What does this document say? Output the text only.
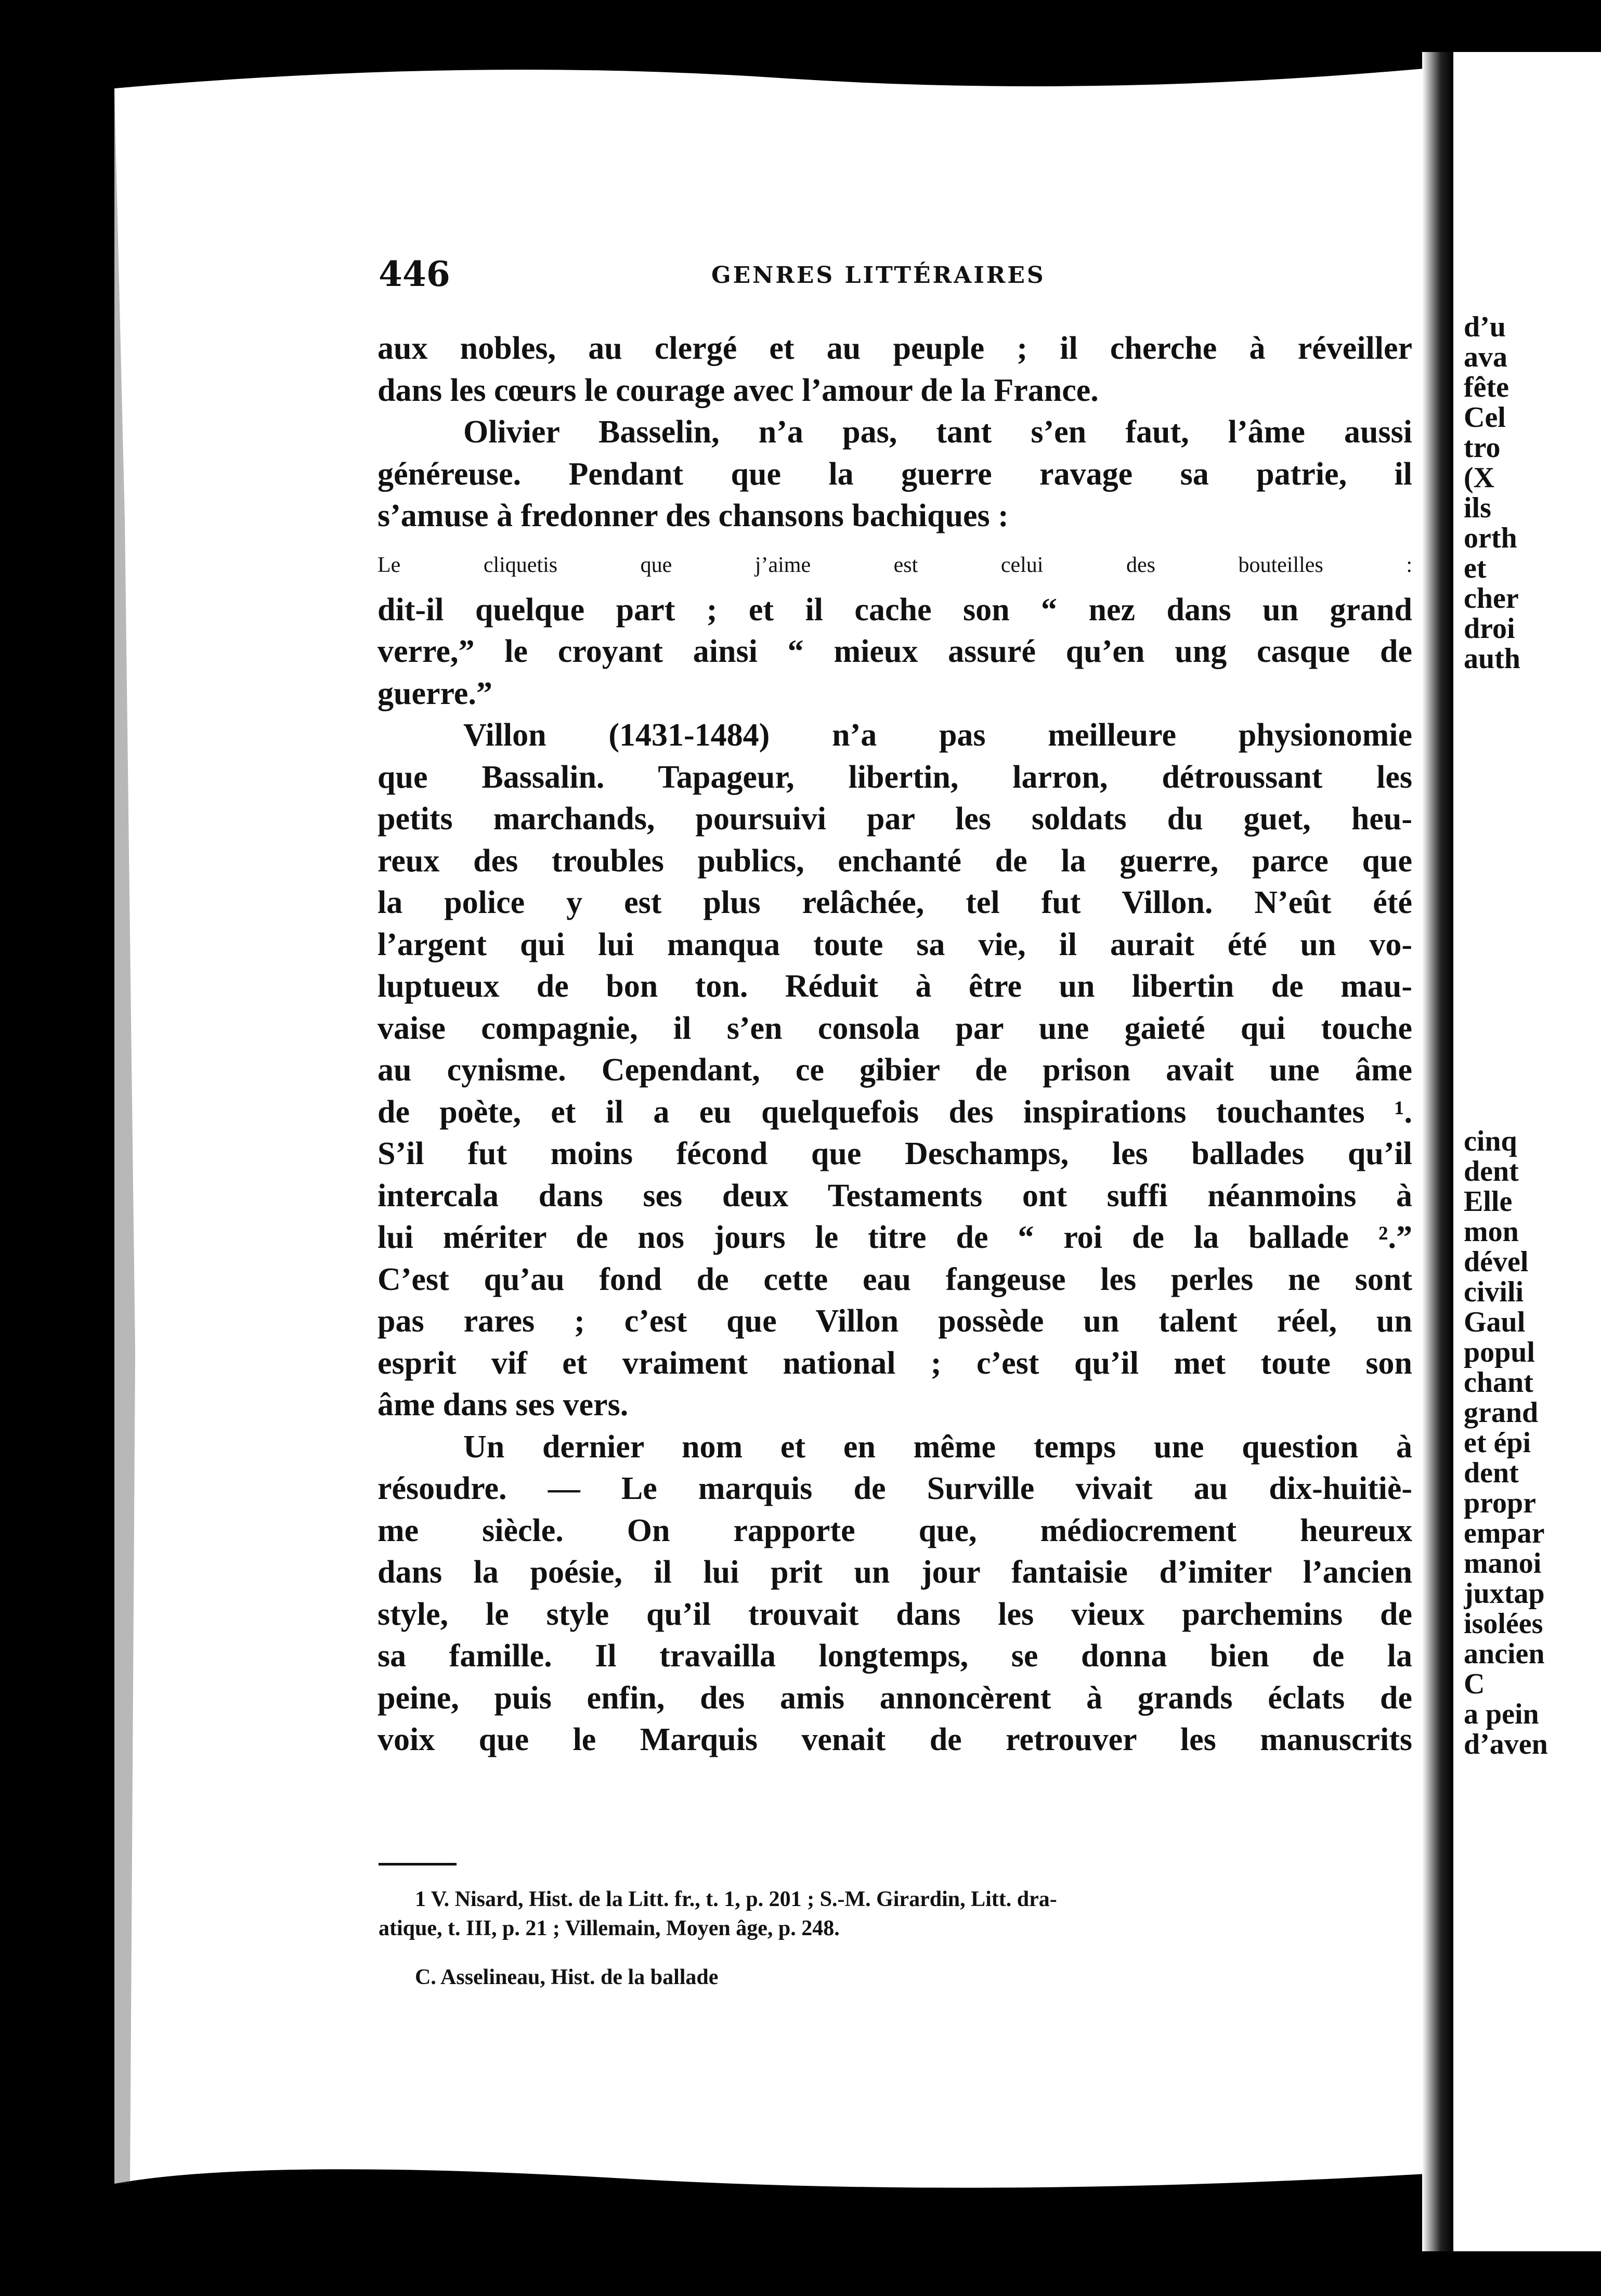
446	GENRES LITTÉRAIRES
aux nobles, au clergé et au peuple ; il cherche à réveiller
dans les cœurs le courage avec l’amour de la France.
Olivier Basselin, n’a pas, tant s’en faut, l’âme aussi
généreuse. Pendant que la guerre ravage sa patrie, il
s’amuse à fredonner des chansons bachiques :
Le cliquetis que j’aime est celui des bouteilles :
dit-il quelque part ; et il cache son “ nez dans un grand
verre,” le croyant ainsi “ mieux assuré qu’en ung casque de
guerre.”
Villon (1431-1484) n’a pas meilleure physionomie
que Bassalin. Tapageur, libertin, larron, détroussant les
petits marchands, poursuivi par les soldats du guet, heu-
reux des troubles publics, enchanté de la guerre, parce que
la police y est plus relâchée, tel fut Villon. N’eût été
l’argent qui lui manqua toute sa vie, il aurait été un vo-
luptueux de bon ton. Réduit à être un libertin de mau-
vaise compagnie, il s’en consola par une gaieté qui touche
au cynisme. Cependant, ce gibier de prison avait une âme
de poète, et il a eu quelquefois des inspirations touchantes ¹.
S’il fut moins fécond que Deschamps, les ballades qu’il
intercala dans ses deux Testaments ont suffi néanmoins à
lui mériter de nos jours le titre de “ roi de la ballade ².”
C’est qu’au fond de cette eau fangeuse les perles ne sont
pas rares ; c’est que Villon possède un talent réel, un
esprit vif et vraiment national ; c’est qu’il met toute son
âme dans ses vers.
Un dernier nom et en même temps une question à
résoudre. — Le marquis de Surville vivait au dix-huitiè-
me siècle. On rapporte que, médiocrement heureux
dans la poésie, il lui prit un jour fantaisie d’imiter l’ancien
style, le style qu’il trouvait dans les vieux parchemins de
sa famille. Il travailla longtemps, se donna bien de la
peine, puis enfin, des amis annoncèrent à grands éclats de
voix que le Marquis venait de retrouver les manuscrits
1 V. Nisard, Hist. de la Litt. fr., t. 1, p. 201 ; S.-M. Girardin, Litt. dra-
atique, t. III, p. 21 ; Villemain, Moyen âge, p. 248.
C. Asselineau, Hist. de la ballade
d’u
ava
fête
Cel
tro
(X
ils
orth
et
cher
droi
auth
cinq
dent
Elle
mon
dével
civili
Gaul
popul
chant
grand
et épi
dent
propr
empar
manoi
juxtap
isolées
ancien
C
a pein
d’aven
